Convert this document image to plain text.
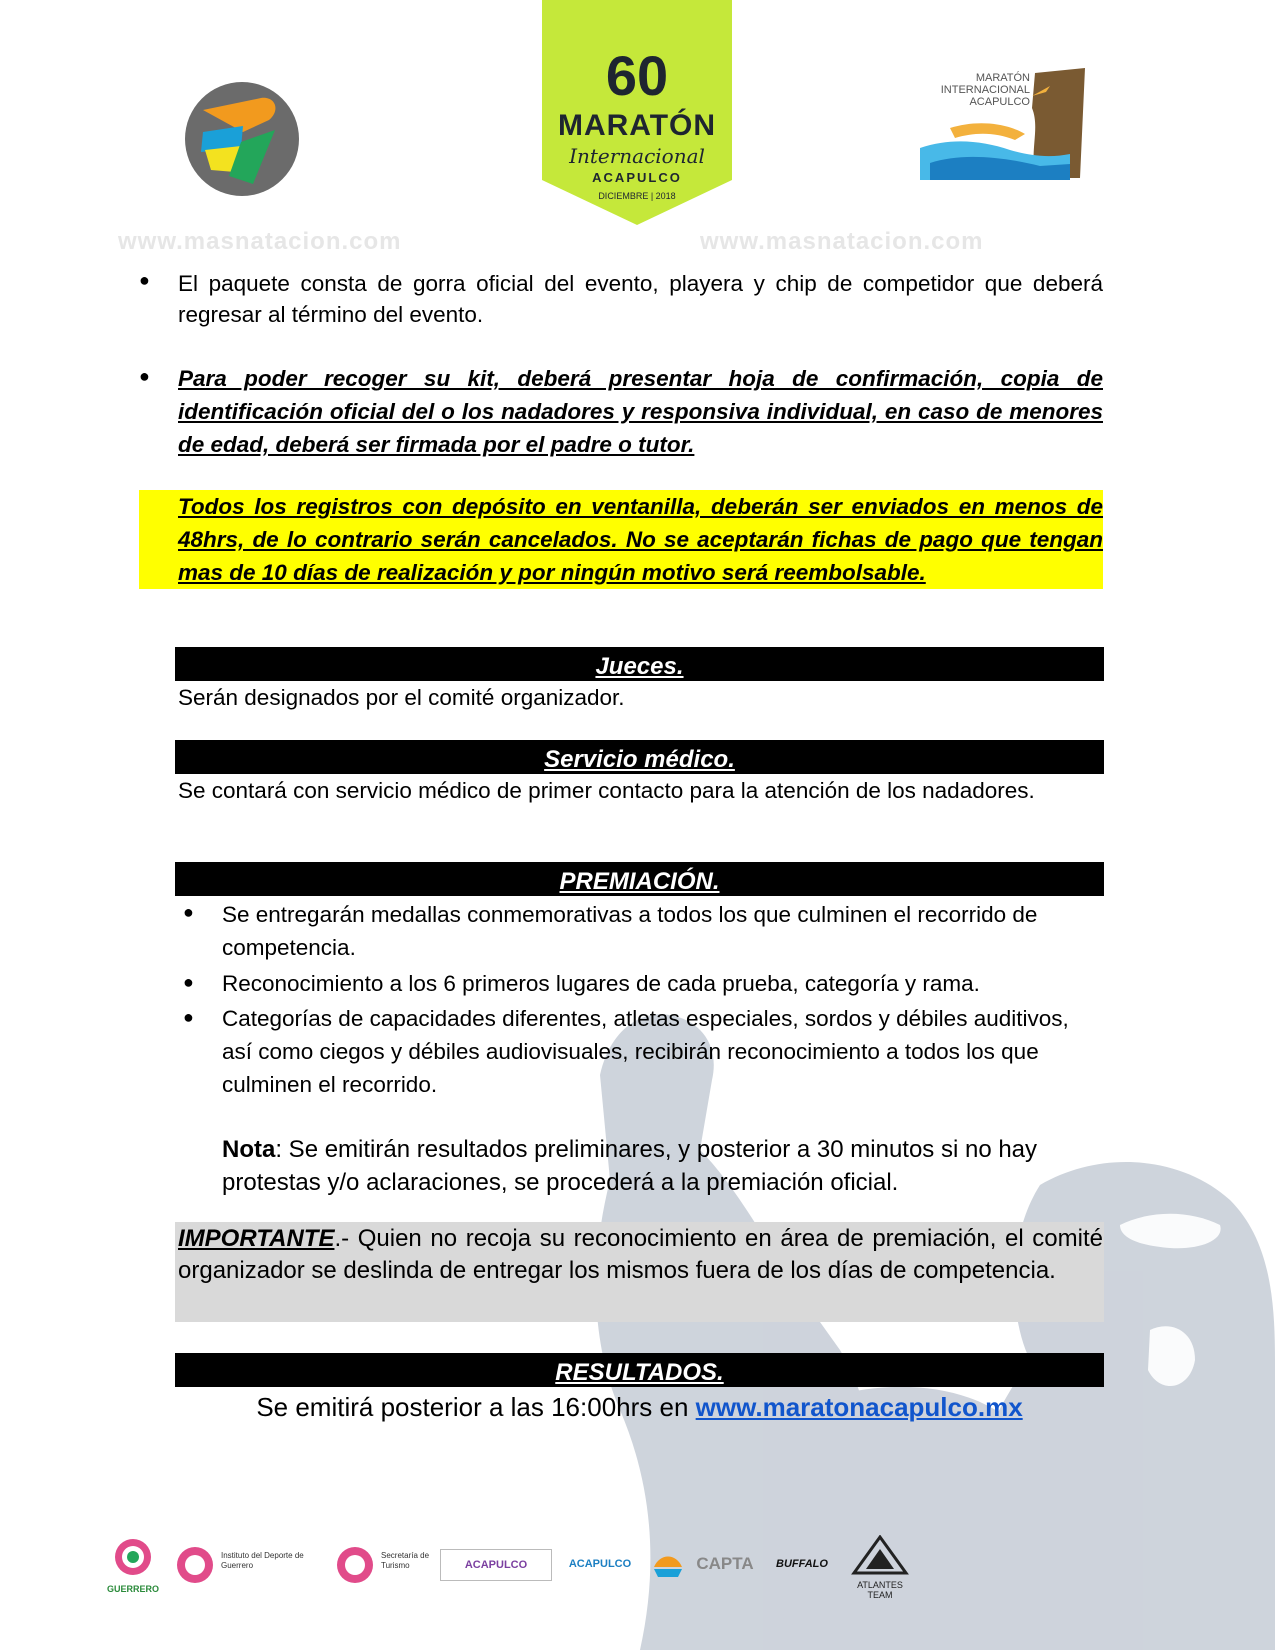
60
MARATÓN
Internacional
ACAPULCO
DICIEMBRE | 2018
MARATÓN
INTERNACIONAL
ACAPULCO
www.masnatacion.com	www.masnatacion.com
● El paquete consta de gorra oficial del evento, playera y chip de competidor que deberá regresar al término del evento.
● Para poder recoger su kit, deberá presentar hoja de confirmación, copia de identificación oficial del o los nadadores y responsiva individual, en caso de menores de edad, deberá ser firmada por el padre o tutor.
Todos los registros con depósito en ventanilla, deberán ser enviados en menos de 48hrs, de lo contrario serán cancelados. No se aceptarán fichas de pago que tengan mas de 10 días de realización y por ningún motivo será reembolsable.
Jueces.
Serán designados por el comité organizador.
Servicio médico.
Se contará con servicio médico de primer contacto para la atención de los nadadores.
PREMIACIÓN.
● Se entregarán medallas conmemorativas a todos los que culminen el recorrido de competencia.
● Reconocimiento a los 6 primeros lugares de cada prueba, categoría y rama.
● Categorías de capacidades diferentes, atletas especiales, sordos y débiles auditivos, así como ciegos y débiles audiovisuales, recibirán reconocimiento a todos los que culminen el recorrido.
Nota: Se emitirán resultados preliminares, y posterior a 30 minutos si no hay protestas y/o aclaraciones, se procederá a la premiación oficial.
IMPORTANTE.- Quien no recoja su reconocimiento en área de premiación, el comité organizador se deslinda de entregar los mismos fuera de los días de competencia.
RESULTADOS.
Se emitirá posterior a las 16:00hrs en www.maratonacapulco.mx
GUERRERO
Instituto del Deporte de Guerrero
Secretaría de Turismo	ACAPULCO	ACAPULCO	CAPTA	BUFFALO
ATLANTES TEAM
